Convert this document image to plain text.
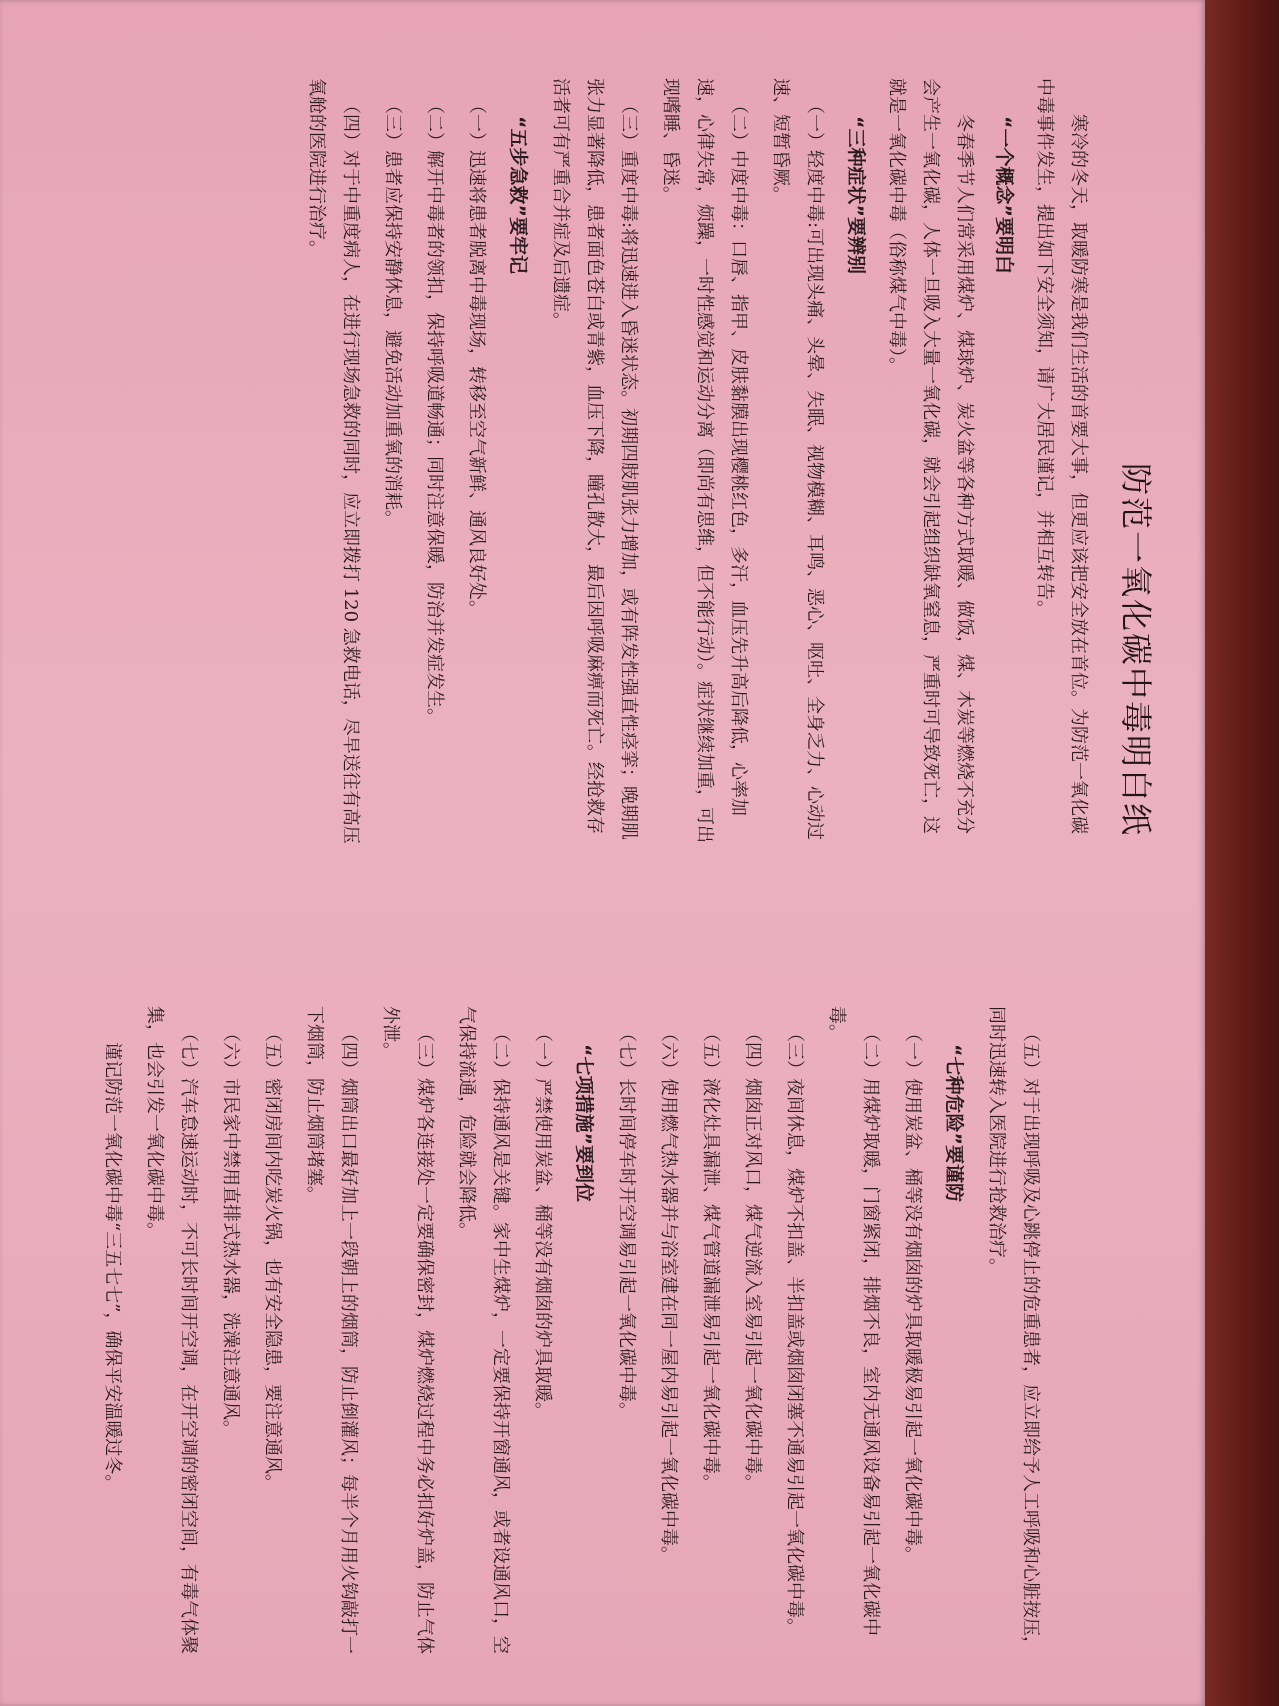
防范一氧化碳中毒明白纸

寒冷的冬天，取暖防寒是我们生活的首要大事，但更应该把安全放在首位。为防范一氧化碳中毒事件发生，提出如下安全须知，请广大居民谨记，并相互转告。

“一个概念”要明白

冬春季节人们常采用煤炉、煤球炉、炭火盆等各种方式取暖、做饭，煤、木炭等燃烧不充分会产生一氧化碳，人体一旦吸入大量一氧化碳，就会引起组织缺氧窒息，严重时可导致死亡，这就是一氧化碳中毒（俗称煤气中毒）。

“三种症状”要辨别

（一）轻度中毒:可出现头痛、头晕、失眠、视物模糊、耳鸣、恶心、呕吐、全身乏力、心动过速、短暂昏厥。

（二）中度中毒：口唇、指甲、皮肤黏膜出现樱桃红色，多汗，血压先升高后降低，心率加速，心律失常，烦躁，一时性感觉和运动分离（即尚有思维，但不能行动）。症状继续加重，可出现嗜睡、昏迷。

（三）重度中毒:将迅速进入昏迷状态。初期四肢肌张力增加，或有阵发性强直性痉挛；晚期肌张力显著降低，患者面色苍白或青紫，血压下降，瞳孔散大，最后因呼吸麻痹而死亡。经抢救存活者可有严重合并症及后遗症。

“五步急救”要牢记

（一）迅速将患者脱离中毒现场，转移至空气新鲜、通风良好处。

（二）解开中毒者的领扣，保持呼吸道畅通；同时注意保暖，防治并发症发生。

（三）患者应保持安静休息，避免活动加重氧的消耗。

（四）对于中重度病人，在进行现场急救的同时，应立即拨打 120 急救电话，尽早送往有高压氧舱的医院进行治疗。

（五）对于出现呼吸及心跳停止的危重患者，应立即给予人工呼吸和心脏按压，同时迅速转入医院进行抢救治疗。

“七种危险”要谨防

（一）使用炭盆、桶等没有烟囱的炉具取暖极易引起一氧化碳中毒。

（二）用煤炉取暖，门窗紧闭，排烟不良，室内无通风设备易引起一氧化碳中毒。

（三）夜间休息，煤炉不扣盖、半扣盖或烟囱闭塞不通易引起一氧化碳中毒。

（四）烟囱正对风口，煤气逆流入室易引起一氧化碳中毒。

（五）液化灶具漏泄、煤气管道漏泄易引起一氧化碳中毒。

（六）使用燃气热水器并与浴室建在同一屋内易引起一氧化碳中毒。

（七）长时间停车时开空调易引起一氧化碳中毒。

“七项措施”要到位

（一）严禁使用炭盆、桶等没有烟囱的炉具取暖。

（二）保持通风是关键。家中生煤炉，一定要保持开窗通风，或者设通风口，空气保持流通，危险就会降低。

（三）煤炉各连接处一定要确保密封，煤炉燃烧过程中务必扣好炉盖，防止气体外泄。

（四）烟筒出口最好加上一段朝上的烟筒，防止倒灌风；每半个月用火钩敲打一下烟筒，防止烟筒堵塞。

（五）密闭房间内吃炭火锅，也有安全隐患，要注意通风。

（六）市民家中禁用直排式热水器，洗澡注意通风。

（七）汽车怠速运动时，不可长时间开空调，在开空调的密闭空间，有毒气体聚集，也会引发一氧化碳中毒。

谨记防范一氧化碳中毒“三五七七”，确保平安温暖过冬。
